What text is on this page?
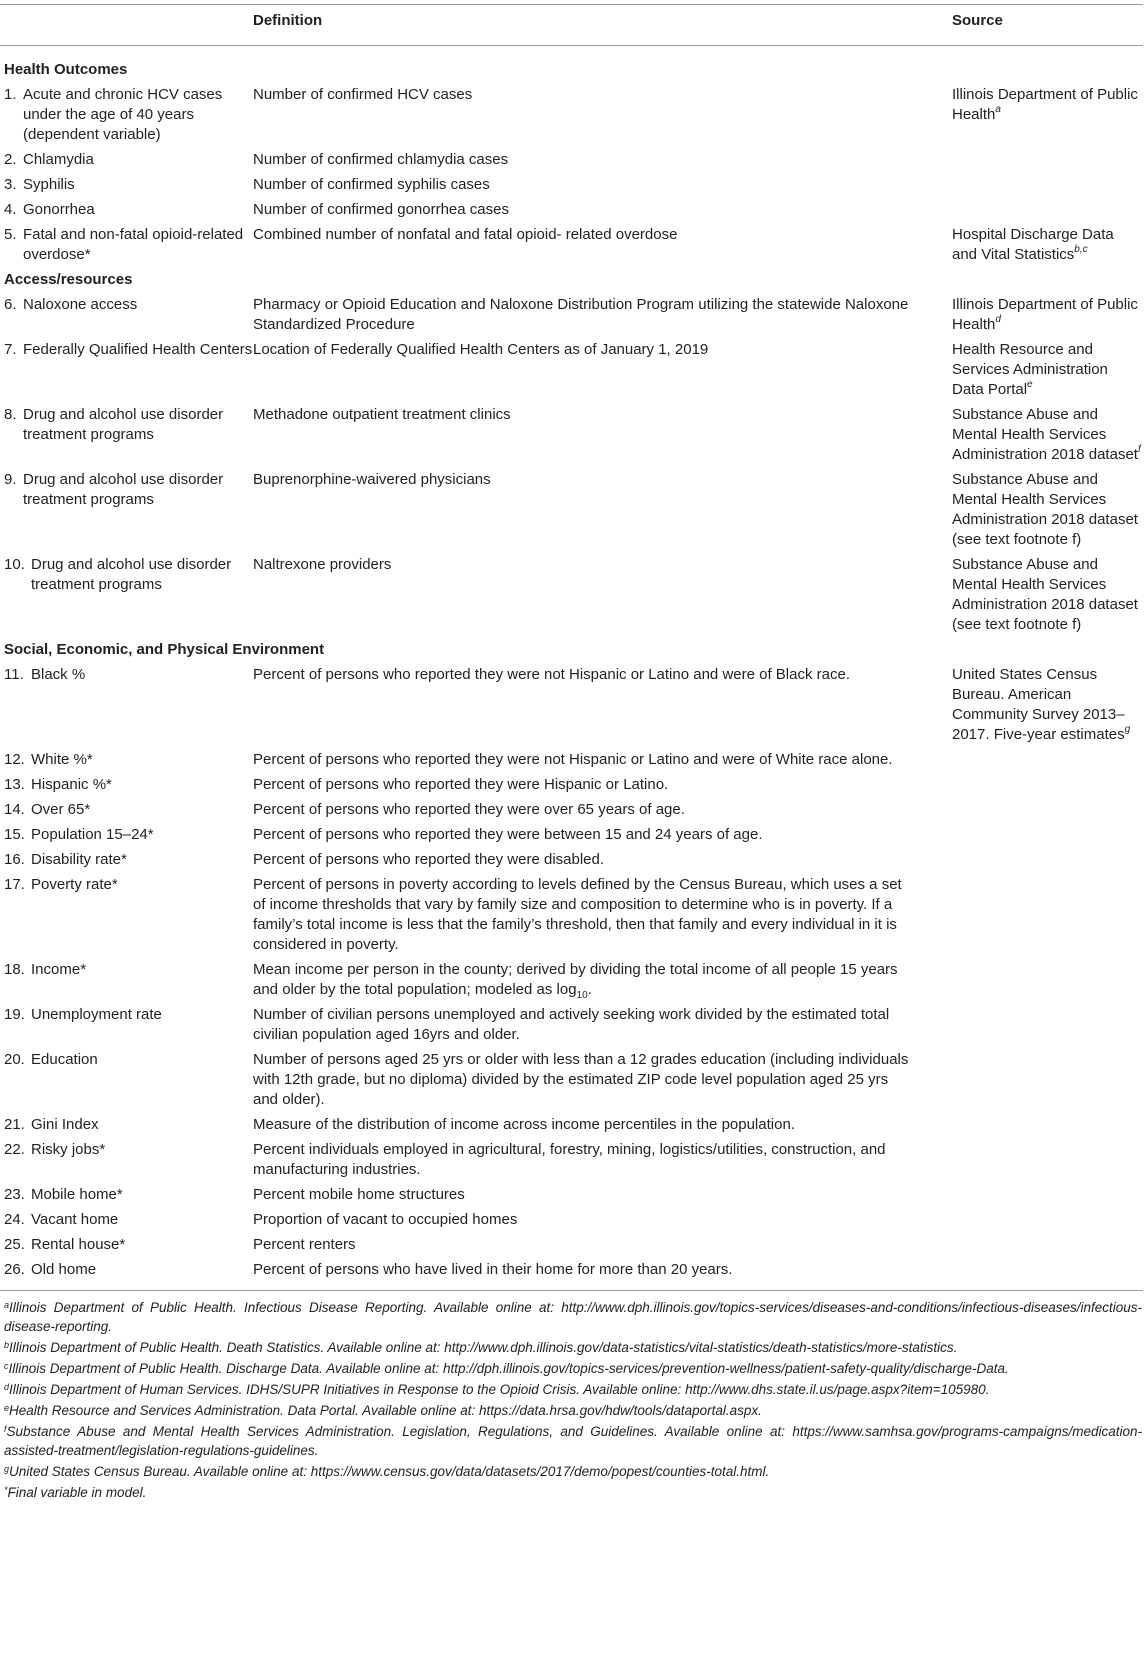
	Definition	Source
Health Outcomes		

1. Acute and chronic HCV cases under the age of 40 years (dependent variable)	Number of confirmed HCV cases	Illinois Department of Public Health$^a$

2. Chlamydia	Number of confirmed chlamydia cases	

3. Syphilis	Number of confirmed syphilis cases	

4. Gonorrhea	Number of confirmed gonorrhea cases	

5. Fatal and non-fatal opioid-related overdose*	Combined number of nonfatal and fatal opioid- related overdose	Hospital Discharge Data and Vital Statistics$^{b,c}$
Access/resources		

6. Naloxone access	Pharmacy or Opioid Education and Naloxone Distribution Program utilizing the statewide Naloxone Standardized Procedure	Illinois Department of Public Health$^d$

7. Federally Qualified Health Centers	Location of Federally Qualified Health Centers as of January 1, 2019	Health Resource and Services Administration Data Portal$^e$

8. Drug and alcohol use disorder treatment programs	Methadone outpatient treatment clinics	Substance Abuse and Mental Health Services Administration 2018 dataset$^f$

9. Drug and alcohol use disorder treatment programs	Buprenorphine-waivered physicians	Substance Abuse and Mental Health Services Administration 2018 dataset (see text footnote f)

10. Drug and alcohol use disorder treatment programs	Naltrexone providers	Substance Abuse and Mental Health Services Administration 2018 dataset (see text footnote f)
Social, Economic, and Physical Environment		

11. Black %	Percent of persons who reported they were not Hispanic or Latino and were of Black race.	United States Census Bureau. American Community Survey 2013–2017. Five-year estimates$^g$

12. White %*	Percent of persons who reported they were not Hispanic or Latino and were of White race alone.	

13. Hispanic %*	Percent of persons who reported they were Hispanic or Latino.	

14. Over 65*	Percent of persons who reported they were over 65 years of age.	

15. Population 15–24*	Percent of persons who reported they were between 15 and 24 years of age.	

16. Disability rate*	Percent of persons who reported they were disabled.	

17. Poverty rate*	Percent of persons in poverty according to levels defined by the Census Bureau, which uses a set of income thresholds that vary by family size and composition to determine who is in poverty. If a family’s total income is less that the family’s threshold, then that family and every individual in it is considered in poverty.	

18. Income*	Mean income per person in the county; derived by dividing the total income of all people 15 years and older by the total population; modeled as $\log_{10}$.	

19. Unemployment rate	Number of civilian persons unemployed and actively seeking work divided by the estimated total civilian population aged 16yrs and older.	

20. Education	Number of persons aged 25 yrs or older with less than a 12 grades education (including individuals with 12th grade, but no diploma) divided by the estimated ZIP code level population aged 25 yrs and older).	

21. Gini Index	Measure of the distribution of income across income percentiles in the population.	

22. Risky jobs*	Percent individuals employed in agricultural, forestry, mining, logistics/utilities, construction, and manufacturing industries.	

23. Mobile home*	Percent mobile home structures	

24. Vacant home	Proportion of vacant to occupied homes	

25. Rental house*	Percent renters	

26. Old home	Percent of persons who have lived in their home for more than 20 years.	
$^a$Illinois Department of Public Health. Infectious Disease Reporting. Available online at: http://www.dph.illinois.gov/topics-services/diseases-and-conditions/infectious-diseases/infectious-disease-reporting.
$^b$Illinois Department of Public Health. Death Statistics. Available online at: http://www.dph.illinois.gov/data-statistics/vital-statistics/death-statistics/more-statistics.
$^c$Illinois Department of Public Health. Discharge Data. Available online at: http://dph.illinois.gov/topics-services/prevention-wellness/patient-safety-quality/discharge-Data.
$^d$Illinois Department of Human Services. IDHS/SUPR Initiatives in Response to the Opioid Crisis. Available online: http://www.dhs.state.il.us/page.aspx?item=105980.
$^e$Health Resource and Services Administration. Data Portal. Available online at: https://data.hrsa.gov/hdw/tools/dataportal.aspx.
$^f$Substance Abuse and Mental Health Services Administration. Legislation, Regulations, and Guidelines. Available online at: https://www.samhsa.gov/programs-campaigns/medication-assisted-treatment/legislation-regulations-guidelines.
$^g$United States Census Bureau. Available online at: https://www.census.gov/data/datasets/2017/demo/popest/counties-total.html.
*Final variable in model.
